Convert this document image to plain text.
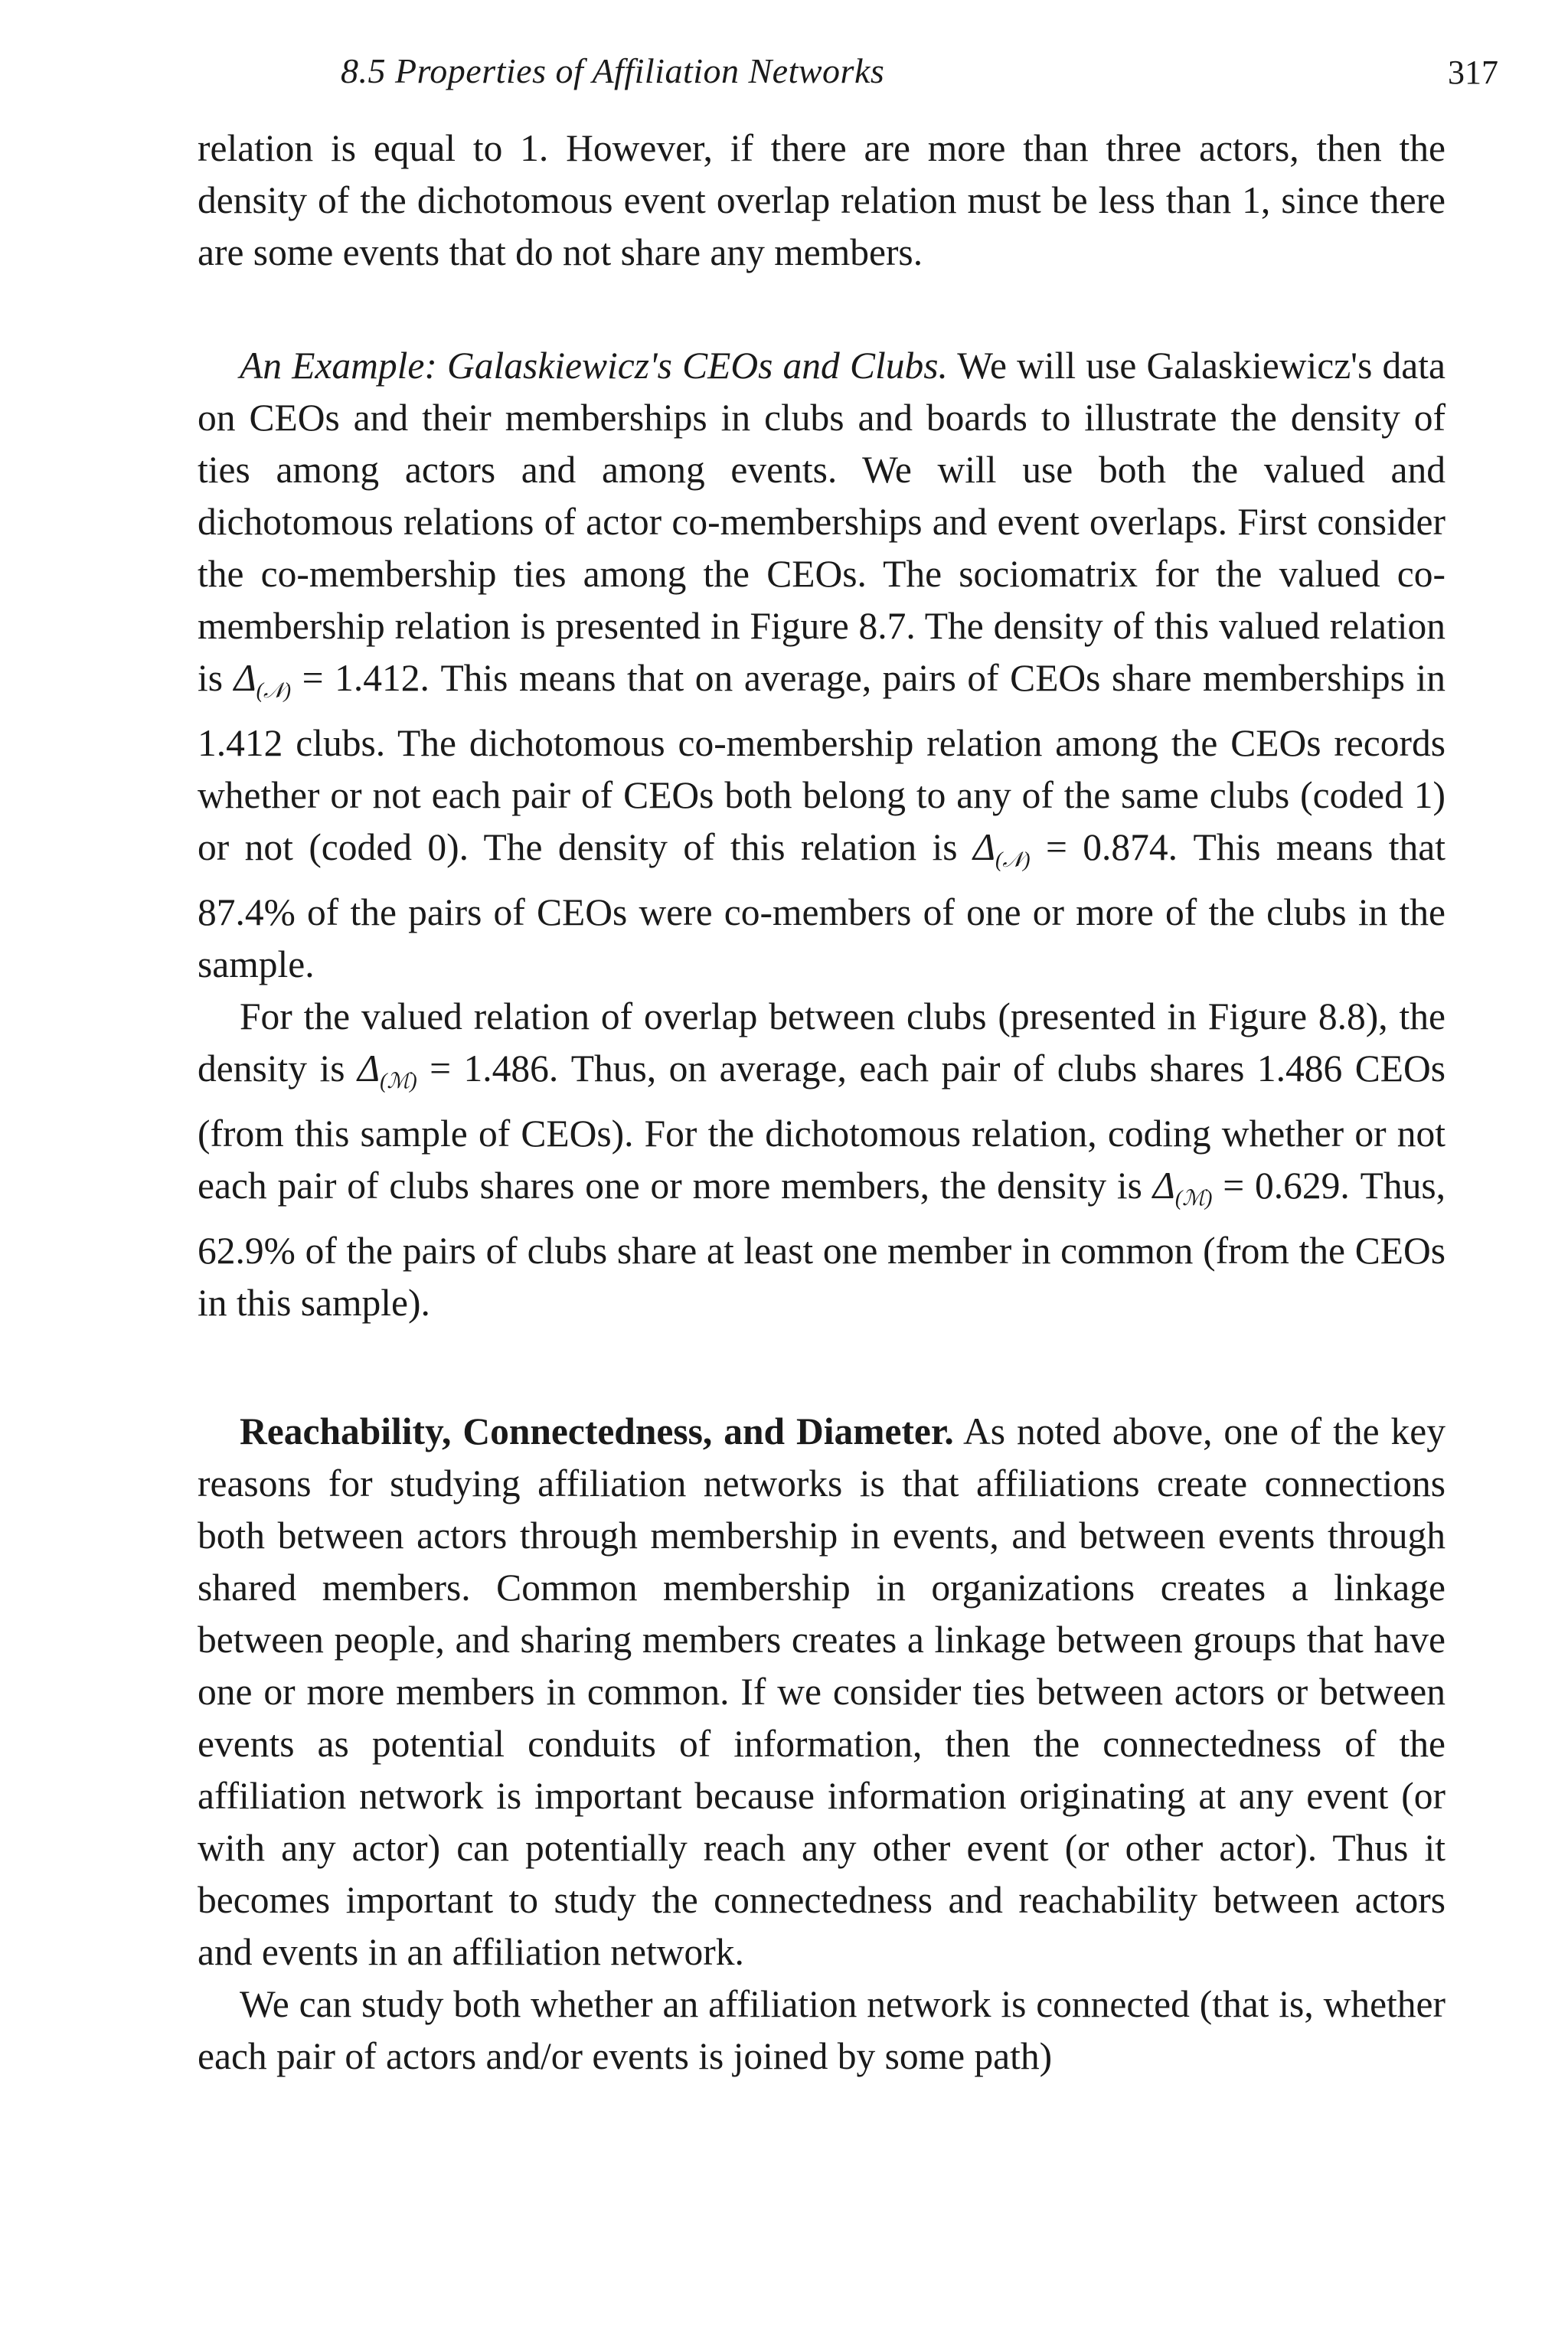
8.5 Properties of Affiliation Networks	317

relation is equal to 1. However, if there are more than three actors, then the density of the dichotomous event overlap relation must be less than 1, since there are some events that do not share any members.

An Example: Galaskiewicz's CEOs and Clubs. We will use Galaskiewicz's data on CEOs and their memberships in clubs and boards to illustrate the density of ties among actors and among events. We will use both the valued and dichotomous relations of actor co-memberships and event overlaps. First consider the co-membership ties among the CEOs. The sociomatrix for the valued co-membership relation is presented in Figure 8.7. The density of this valued relation is $\Delta_{(𝒩)} = 1.412$. This means that on average, pairs of CEOs share memberships in 1.412 clubs. The dichotomous co-membership relation among the CEOs records whether or not each pair of CEOs both belong to any of the same clubs (coded 1) or not (coded 0). The density of this relation is $\Delta_{(𝒩)} = 0.874$. This means that 87.4% of the pairs of CEOs were co-members of one or more of the clubs in the sample.

For the valued relation of overlap between clubs (presented in Figure 8.8), the density is $\Delta_{(ℳ)} = 1.486$. Thus, on average, each pair of clubs shares 1.486 CEOs (from this sample of CEOs). For the dichotomous relation, coding whether or not each pair of clubs shares one or more members, the density is $\Delta_{(ℳ)} = 0.629$. Thus, 62.9% of the pairs of clubs share at least one member in common (from the CEOs in this sample).

Reachability, Connectedness, and Diameter. As noted above, one of the key reasons for studying affiliation networks is that affiliations create connections both between actors through membership in events, and between events through shared members. Common membership in organizations creates a linkage between people, and sharing members creates a linkage between groups that have one or more members in common. If we consider ties between actors or between events as potential conduits of information, then the connectedness of the affiliation network is important because information originating at any event (or with any actor) can potentially reach any other event (or other actor). Thus it becomes important to study the connectedness and reachability between actors and events in an affiliation network.

We can study both whether an affiliation network is connected (that is, whether each pair of actors and/or events is joined by some path)
